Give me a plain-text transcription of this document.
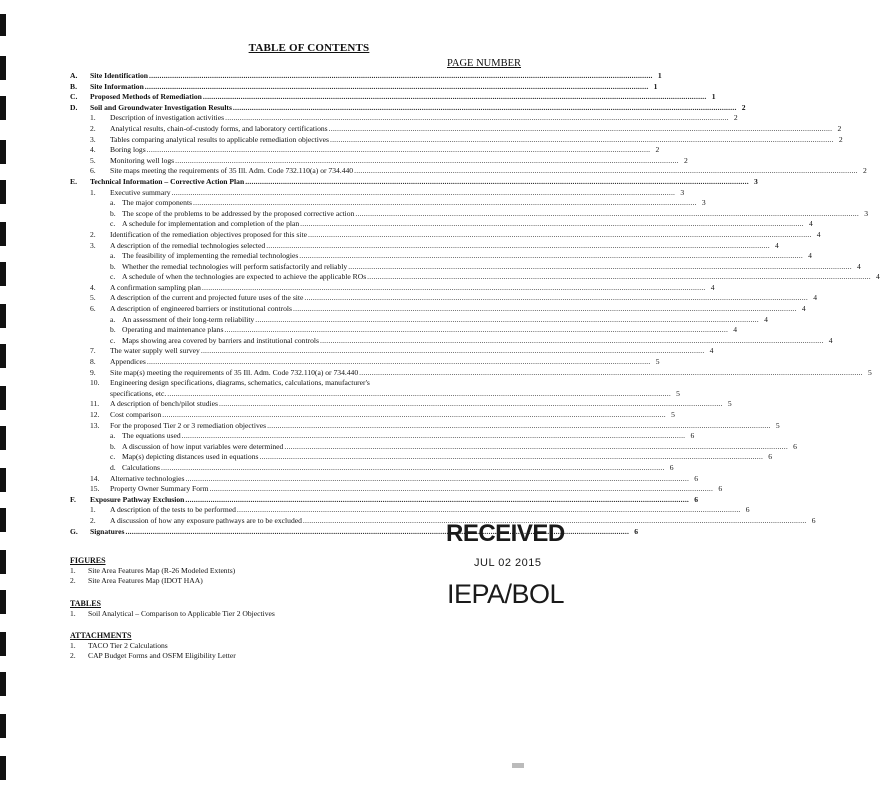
TABLE OF CONTENTS
PAGE NUMBER
A.	Site Identification .....	1
B.	Site Information .....	1
C.	Proposed Methods of Remediation .....	1
D.	Soil and Groundwater Investigation Results .....	2
1.	Description of investigation activities .....	2
2.	Analytical results, chain-of-custody forms, and laboratory certifications .....	2
3.	Tables comparing analytical results to applicable remediation objectives .....	2
4.	Boring logs .....	2
5.	Monitoring well logs .....	2
6.	Site maps meeting the requirements of 35 Ill. Adm. Code 732.110(a) or 734.440 .....	2
E.	Technical Information – Corrective Action Plan .....	3
1.	Executive summary .....	3
a. The major components .....	3
b. The scope of the problems to be addressed by the proposed corrective action .....	3
c. A schedule for implementation and completion of the plan .....	4
2.	Identification of the remediation objectives proposed for this site .....	4
3.	A description of the remedial technologies selected .....	4
a. The feasibility of implementing the remedial technologies .....	4
b. Whether the remedial technologies will perform satisfactorily and reliably .....	4
c. A schedule of when the technologies are expected to achieve the applicable ROs .....	4
4.	A confirmation sampling plan .....	4
5.	A description of the current and projected future uses of the site .....	4
6.	A description of engineered barriers or institutional controls .....	4
a. An assessment of their long-term reliability .....	4
b. Operating and maintenance plans .....	4
c. Maps showing area covered by barriers and institutional controls .....	4
7.	The water supply well survey .....	4
8.	Appendices .....	5
9.	Site map(s) meeting the requirements of 35 Ill. Adm. Code 732.110(a) or 734.440 .....	5
10.	Engineering design specifications, diagrams, schematics, calculations, manufacturer's
specifications, etc. .....	5
11.	A description of bench/pilot studies .....	5
12.	Cost comparison .....	5
13.	For the proposed Tier 2 or 3 remediation objectives .....	5
a. The equations used .....	6
b. A discussion of how input variables were determined .....	6
c. Map(s) depicting distances used in equations .....	6
d. Calculations .....	6
14.	Alternative technologies .....	6
15.	Property Owner Summary Form .....	6
F.	Exposure Pathway Exclusion .....	6
1.	A description of the tests to be performed .....	6
2.	A discussion of how any exposure pathways are to be excluded .....	6
G.	Signatures .....	6
FIGURES
1.	Site Area Features Map (R-26 Modeled Extents)
2.	Site Area Features Map (IDOT HAA)
TABLES
1.	Soil Analytical – Comparison to Applicable Tier 2 Objectives
ATTACHMENTS
1.	TACO Tier 2 Calculations
2.	CAP Budget Forms and OSFM Eligibility Letter
RECEIVED
JUL 02 2015
IEPA/BOL
